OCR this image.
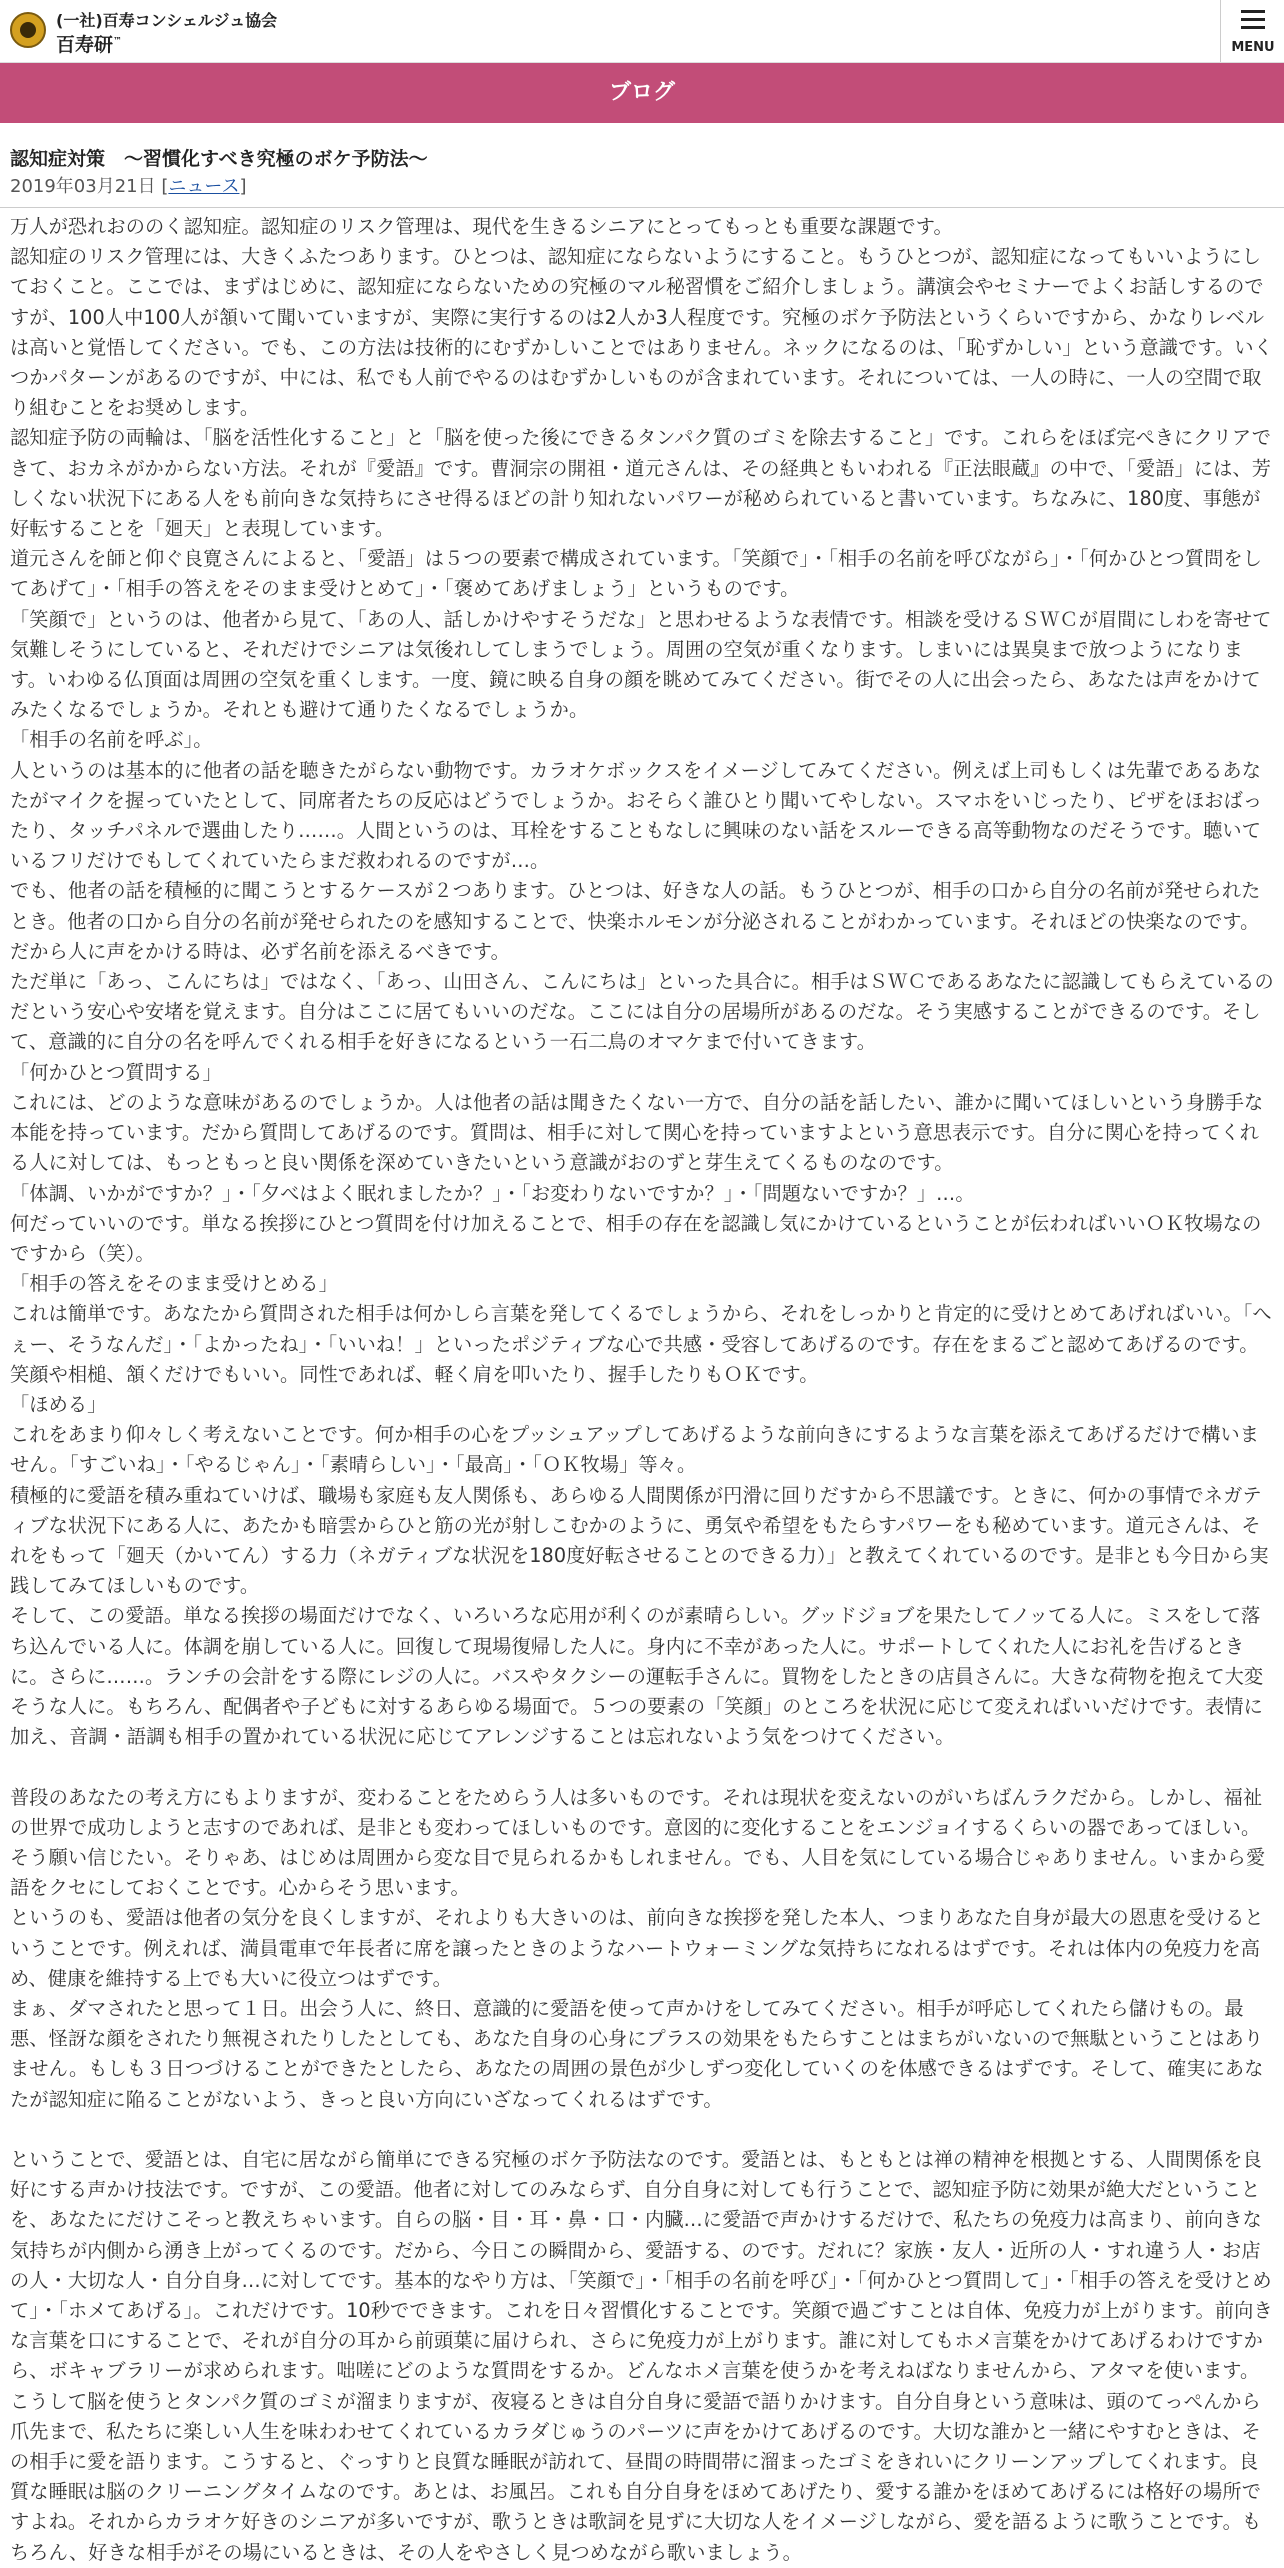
(一社)百寿コンシェルジュ協会
百寿研™	MENU
ブログ
認知症対策　～習慣化すべき究極のボケ予防法～
2019年03月21日 [ニュース]

万人が恐れおののく認知症。認知症のリスク管理は、現代を生きるシニアにとってもっとも重要な課題です。

認知症のリスク管理には、大きくふたつあります。ひとつは、認知症にならないようにすること。もうひとつが、認知症になってもいいようにしておくこと。ここでは、まずはじめに、認知症にならないための究極のマル秘習慣をご紹介しましょう。講演会やセミナーでよくお話しするのですが、100人中100人が頷いて聞いていますが、実際に実行するのは2人か3人程度です。究極のボケ予防法というくらいですから、かなりレベルは高いと覚悟してください。でも、この方法は技術的にむずかしいことではありません。ネックになるのは、「恥ずかしい」という意識です。いくつかパターンがあるのですが、中には、私でも人前でやるのはむずかしいものが含まれています。それについては、一人の時に、一人の空間で取り組むことをお奨めします。

認知症予防の両輪は、「脳を活性化すること」と「脳を使った後にできるタンパク質のゴミを除去すること」です。これらをほぼ完ぺきにクリアできて、おカネがかからない方法。それが『愛語』です。曹洞宗の開祖・道元さんは、その経典ともいわれる『正法眼蔵』の中で、「愛語」には、芳しくない状況下にある人をも前向きな気持ちにさせ得るほどの計り知れないパワーが秘められていると書いています。ちなみに、180度、事態が好転することを「廻天」と表現しています。

道元さんを師と仰ぐ良寛さんによると、「愛語」は５つの要素で構成されています。「笑顔で」・「相手の名前を呼びながら」・「何かひとつ質問をしてあげて」・「相手の答えをそのまま受けとめて」・「褒めてあげましょう」というものです。

「笑顔で」というのは、他者から見て、「あの人、話しかけやすそうだな」と思わせるような表情です。相談を受けるＳＷＣが眉間にしわを寄せて気難しそうにしていると、それだけでシニアは気後れしてしまうでしょう。周囲の空気が重くなります。しまいには異臭まで放つようになります。いわゆる仏頂面は周囲の空気を重くします。一度、鏡に映る自身の顔を眺めてみてください。街でその人に出会ったら、あなたは声をかけてみたくなるでしょうか。それとも避けて通りたくなるでしょうか。

「相手の名前を呼ぶ」。

人というのは基本的に他者の話を聴きたがらない動物です。カラオケボックスをイメージしてみてください。例えば上司もしくは先輩であるあなたがマイクを握っていたとして、同席者たちの反応はどうでしょうか。おそらく誰ひとり聞いてやしない。スマホをいじったり、ピザをほおばったり、タッチパネルで選曲したり……。人間というのは、耳栓をすることもなしに興味のない話をスルーできる高等動物なのだそうです。聴いているフリだけでもしてくれていたらまだ救われるのですが…。

でも、他者の話を積極的に聞こうとするケースが２つあります。ひとつは、好きな人の話。もうひとつが、相手の口から自分の名前が発せられたとき。他者の口から自分の名前が発せられたのを感知することで、快楽ホルモンが分泌されることがわかっています。それほどの快楽なのです。だから人に声をかける時は、必ず名前を添えるべきです。

ただ単に「あっ、こんにちは」ではなく、「あっ、山田さん、こんにちは」といった具合に。相手はＳＷＣであるあなたに認識してもらえているのだという安心や安堵を覚えます。自分はここに居てもいいのだな。ここには自分の居場所があるのだな。そう実感することができるのです。そして、意識的に自分の名を呼んでくれる相手を好きになるという一石二鳥のオマケまで付いてきます。

「何かひとつ質問する」

これには、どのような意味があるのでしょうか。人は他者の話は聞きたくない一方で、自分の話を話したい、誰かに聞いてほしいという身勝手な本能を持っています。だから質問してあげるのです。質問は、相手に対して関心を持っていますよという意思表示です。自分に関心を持ってくれる人に対しては、もっともっと良い関係を深めていきたいという意識がおのずと芽生えてくるものなのです。

「体調、いかがですか？」・「夕べはよく眠れましたか？」・「お変わりないですか？」・「問題ないですか？」…。

何だっていいのです。単なる挨拶にひとつ質問を付け加えることで、相手の存在を認識し気にかけているということが伝わればいいＯＫ牧場なのですから（笑）。

「相手の答えをそのまま受けとめる」

これは簡単です。あなたから質問された相手は何かしら言葉を発してくるでしょうから、それをしっかりと肯定的に受けとめてあげればいい。「へぇー、そうなんだ」・「よかったね」・「いいね！」といったポジティブな心で共感・受容してあげるのです。存在をまるごと認めてあげるのです。笑顔や相槌、頷くだけでもいい。同性であれば、軽く肩を叩いたり、握手したりもＯＫです。

「ほめる」

これをあまり仰々しく考えないことです。何か相手の心をプッシュアップしてあげるような前向きにするような言葉を添えてあげるだけで構いません。「すごいね」・「やるじゃん」・「素晴らしい」・「最高」・「ＯＫ牧場」等々。

積極的に愛語を積み重ねていけば、職場も家庭も友人関係も、あらゆる人間関係が円滑に回りだすから不思議です。ときに、何かの事情でネガティブな状況下にある人に、あたかも暗雲からひと筋の光が射しこむかのように、勇気や希望をもたらすパワーをも秘めています。道元さんは、それをもって「廻天（かいてん）する力（ネガティブな状況を180度好転させることのできる力）」と教えてくれているのです。是非とも今日から実践してみてほしいものです。

そして、この愛語。単なる挨拶の場面だけでなく、いろいろな応用が利くのが素晴らしい。グッドジョブを果たしてノッてる人に。ミスをして落ち込んでいる人に。体調を崩している人に。回復して現場復帰した人に。身内に不幸があった人に。サポートしてくれた人にお礼を告げるときに。さらに……。ランチの会計をする際にレジの人に。バスやタクシーの運転手さんに。買物をしたときの店員さんに。大きな荷物を抱えて大変そうな人に。もちろん、配偶者や子どもに対するあらゆる場面で。５つの要素の「笑顔」のところを状況に応じて変えればいいだけです。表情に加え、音調・語調も相手の置かれている状況に応じてアレンジすることは忘れないよう気をつけてください。

普段のあなたの考え方にもよりますが、変わることをためらう人は多いものです。それは現状を変えないのがいちばんラクだから。しかし、福祉の世界で成功しようと志すのであれば、是非とも変わってほしいものです。意図的に変化することをエンジョイするくらいの器であってほしい。そう願い信じたい。そりゃあ、はじめは周囲から変な目で見られるかもしれません。でも、人目を気にしている場合じゃありません。いまから愛語をクセにしておくことです。心からそう思います。

というのも、愛語は他者の気分を良くしますが、それよりも大きいのは、前向きな挨拶を発した本人、つまりあなた自身が最大の恩恵を受けるということです。例えれば、満員電車で年長者に席を譲ったときのようなハートウォーミングな気持ちになれるはずです。それは体内の免疫力を高め、健康を維持する上でも大いに役立つはずです。

まぁ、ダマされたと思って１日。出会う人に、終日、意識的に愛語を使って声かけをしてみてください。相手が呼応してくれたら儲けもの。最悪、怪訝な顔をされたり無視されたりしたとしても、あなた自身の心身にプラスの効果をもたらすことはまちがいないので無駄ということはありません。もしも３日つづけることができたとしたら、あなたの周囲の景色が少しずつ変化していくのを体感できるはずです。そして、確実にあなたが認知症に陥ることがないよう、きっと良い方向にいざなってくれるはずです。

ということで、愛語とは、自宅に居ながら簡単にできる究極のボケ予防法なのです。愛語とは、もともとは禅の精神を根拠とする、人間関係を良好にする声かけ技法です。ですが、この愛語。他者に対してのみならず、自分自身に対しても行うことで、認知症予防に効果が絶大だということを、あなたにだけこそっと教えちゃいます。自らの脳・目・耳・鼻・口・内臓…に愛語で声かけするだけで、私たちの免疫力は高まり、前向きな気持ちが内側から湧き上がってくるのです。だから、今日この瞬間から、愛語する、のです。だれに？家族・友人・近所の人・すれ違う人・お店の人・大切な人・自分自身…に対してです。基本的なやり方は、「笑顔で」・「相手の名前を呼び」・「何かひとつ質問して」・「相手の答えを受けとめて」・「ホメてあげる」。これだけです。10秒でできます。これを日々習慣化することです。笑顔で過ごすことは自体、免疫力が上がります。前向きな言葉を口にすることで、それが自分の耳から前頭葉に届けられ、さらに免疫力が上がります。誰に対してもホメ言葉をかけてあげるわけですから、ボキャブラリーが求められます。咄嗟にどのような質問をするか。どんなホメ言葉を使うかを考えねばなりませんから、アタマを使います。こうして脳を使うとタンパク質のゴミが溜まりますが、夜寝るときは自分自身に愛語で語りかけます。自分自身という意味は、頭のてっぺんから爪先まで、私たちに楽しい人生を味わわせてくれているカラダじゅうのパーツに声をかけてあげるのです。大切な誰かと一緒にやすむときは、その相手に愛を語ります。こうすると、ぐっすりと良質な睡眠が訪れて、昼間の時間帯に溜まったゴミをきれいにクリーンアップしてくれます。良質な睡眠は脳のクリーニングタイムなのです。あとは、お風呂。これも自分自身をほめてあげたり、愛する誰かをほめてあげるには格好の場所ですよね。それからカラオケ好きのシニアが多いですが、歌うときは歌詞を見ずに大切な人をイメージしながら、愛を語るように歌うことです。もちろん、好きな相手がその場にいるときは、その人をやさしく見つめながら歌いましょう。
